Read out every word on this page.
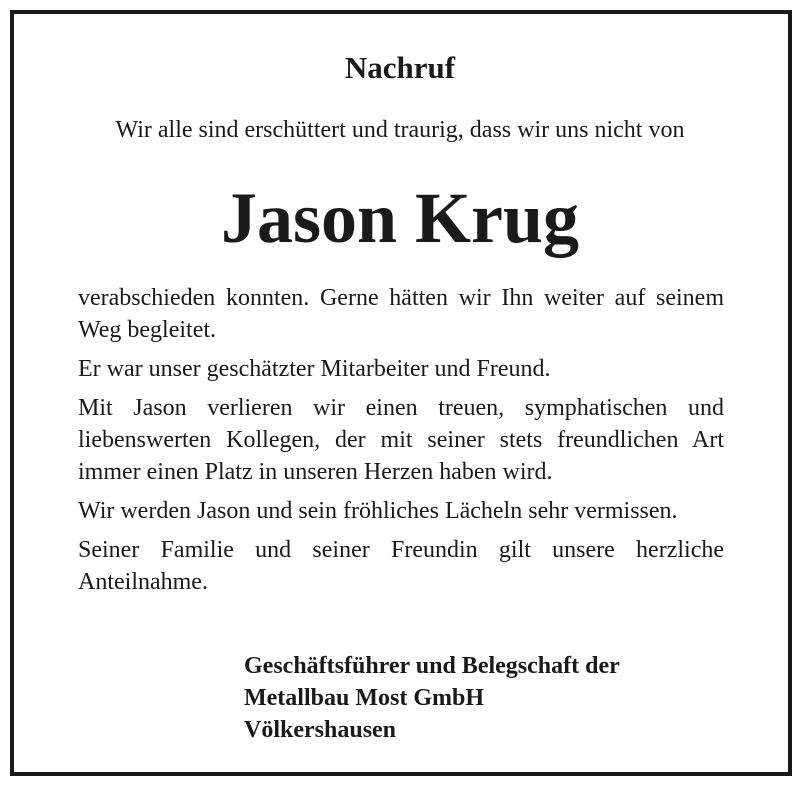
Nachruf
Wir alle sind erschüttert und traurig, dass wir uns nicht von
Jason Krug

verabschieden konnten. Gerne hätten wir Ihn weiter auf seinem Weg begleitet.

Er war unser geschätzter Mitarbeiter und Freund.

Mit Jason verlieren wir einen treuen, symphatischen und liebenswerten Kollegen, der mit seiner stets freundlichen Art immer einen Platz in unseren Herzen haben wird.

Wir werden Jason und sein fröhliches Lächeln sehr vermissen.

Seiner Familie und seiner Freundin gilt unsere herzliche Anteilnahme.

Geschäftsführer und Belegschaft der
Metallbau Most GmbH
Völkershausen
